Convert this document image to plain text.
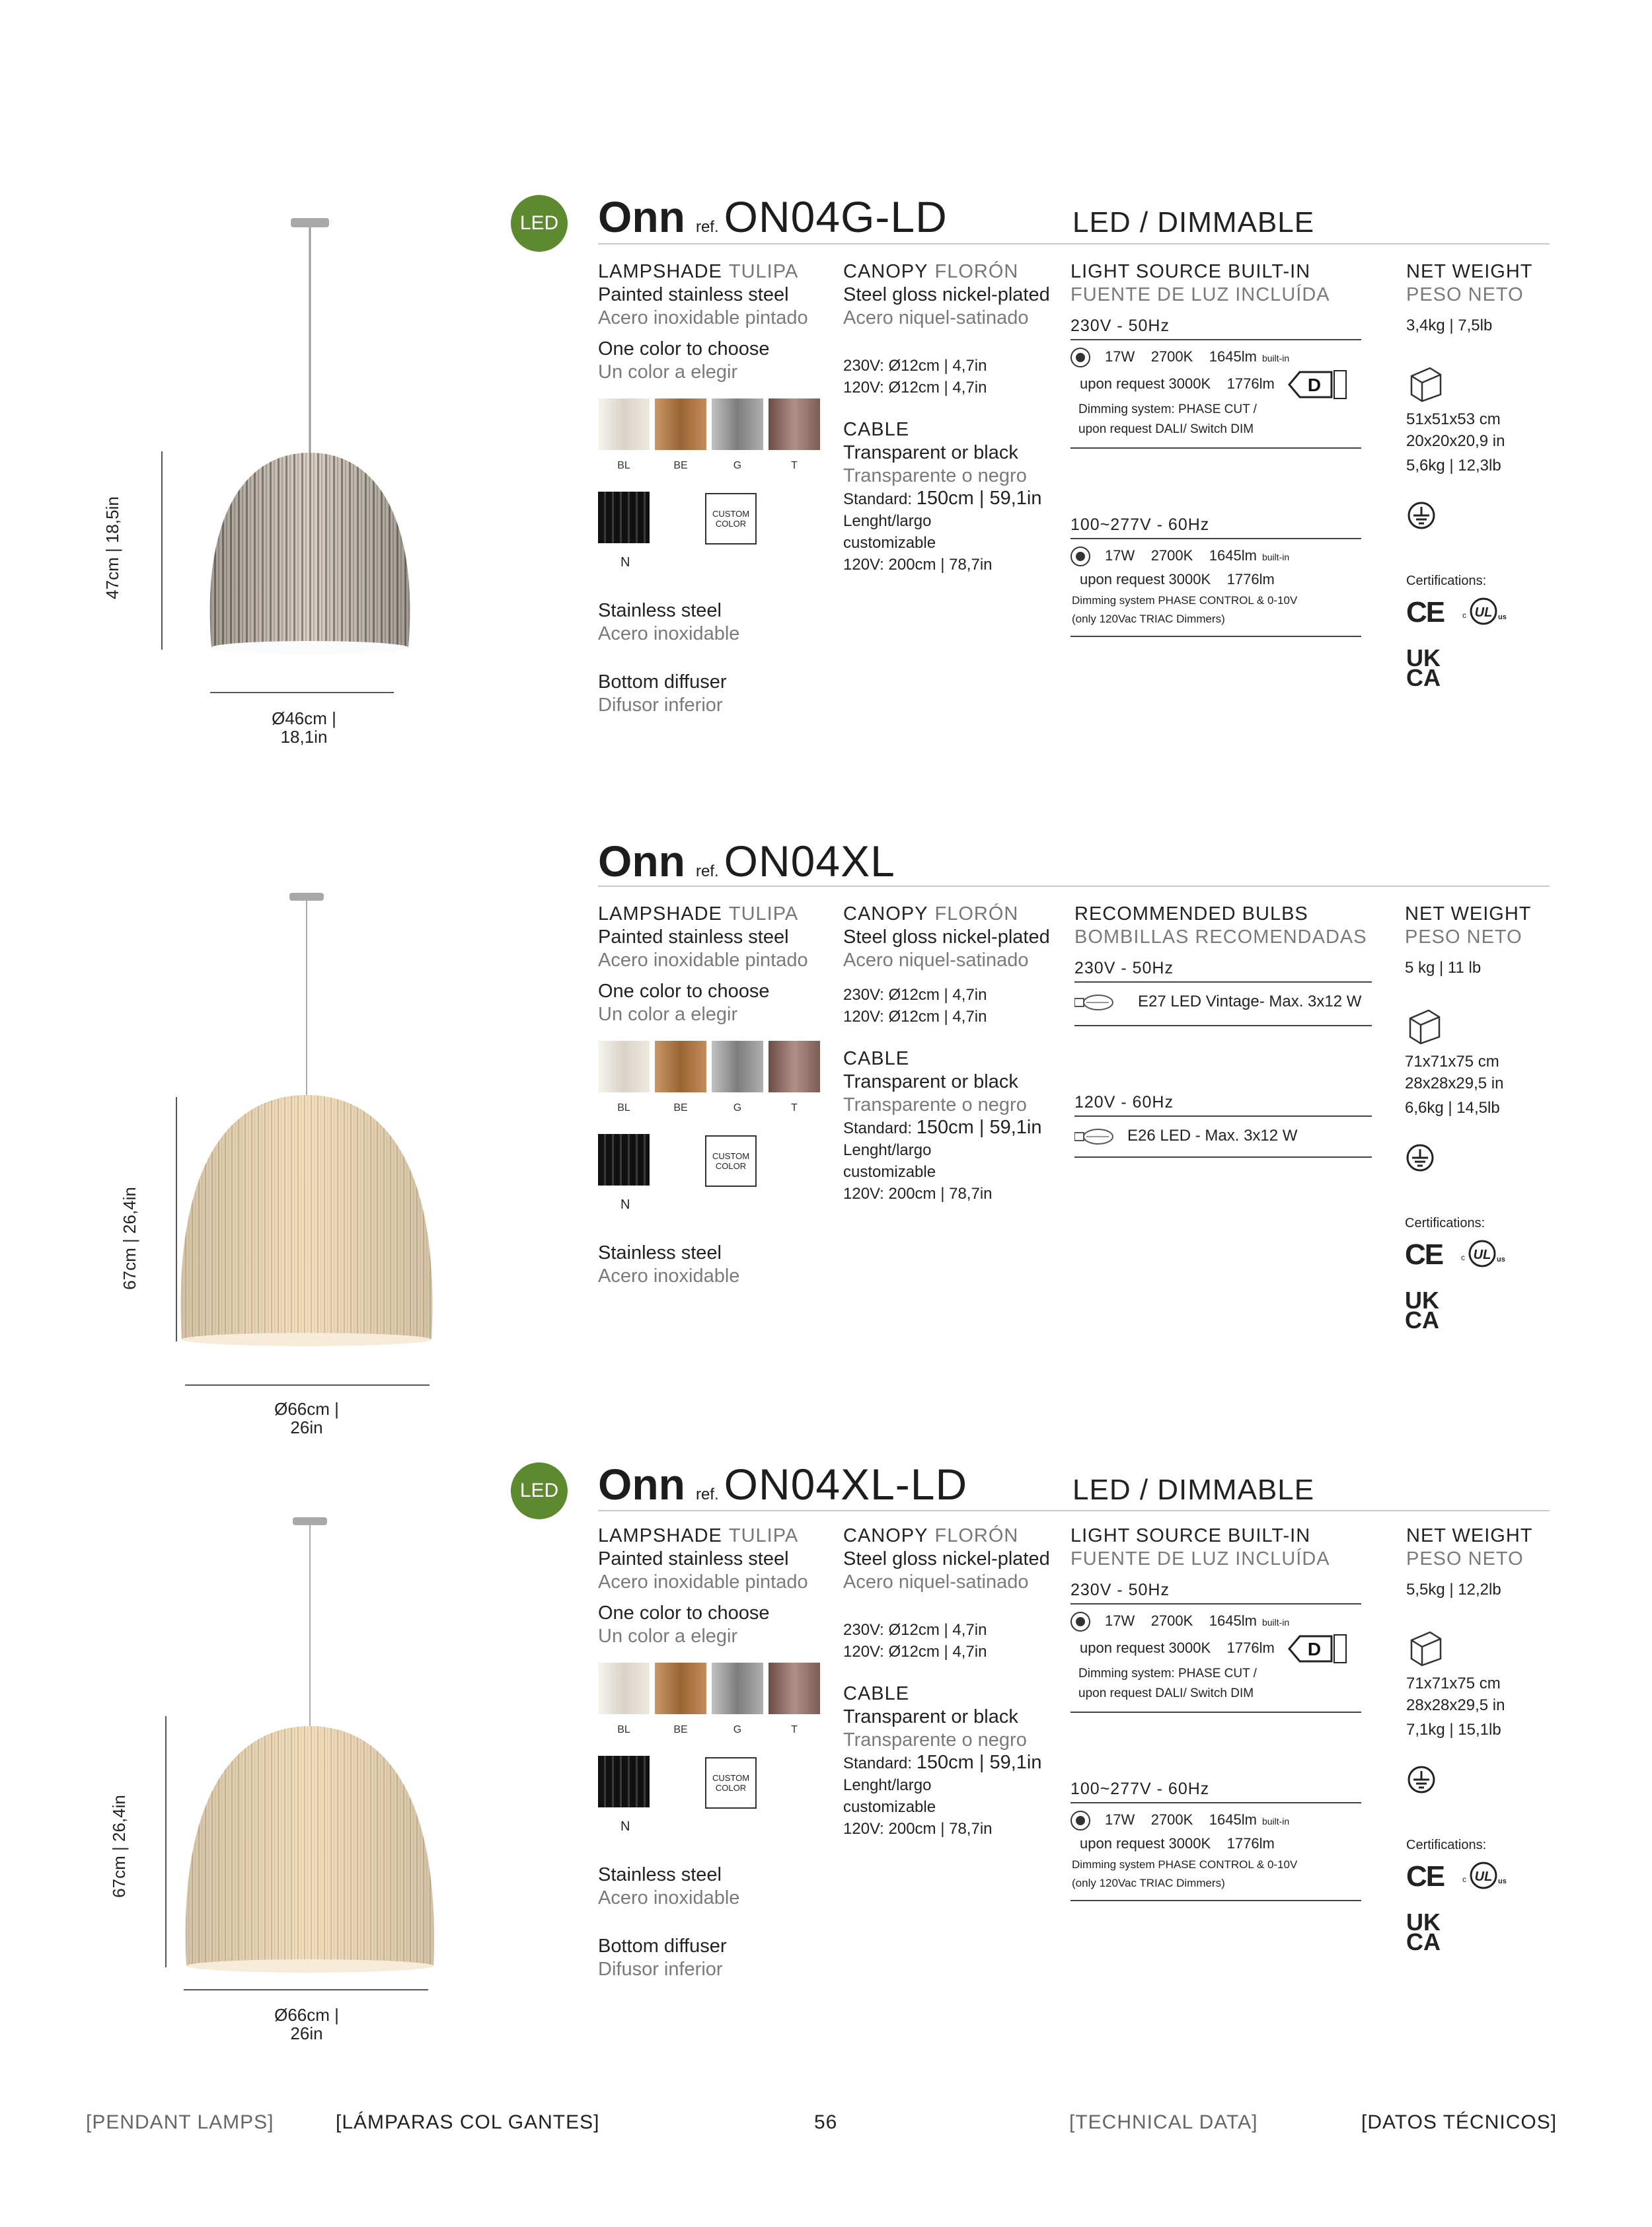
LED Onn ref. ON04G-LD	LED / DIMMABLE
47cm | 18,5in
Ø46cm |
18,1in
LAMPSHADE TULIPA
Painted stainless steel
Acero inoxidable pintado
One color to choose
Un color a elegir
BL	BE	G	T
CUSTOM COLOR
N
Stainless steel
Acero inoxidable
Bottom diffuser
Difusor inferior
CANOPY FLORÓN
Steel gloss nickel-plated
Acero niquel-satinado
230V: Ø12cm | 4,7in
120V: Ø12cm | 4,7in
CABLE
Transparent or black
Transparente o negro
Standard: 150cm | 59,1in
Lenght/largo
customizable
120V: 200cm | 78,7in
LIGHT SOURCE BUILT-IN
FUENTE DE LUZ INCLUÍDA
230V - 50Hz
17W 2700K 1645lm built-in
upon request 3000K 1776lm D
Dimming system: PHASE CUT /
upon request DALI/ Switch DIM
100~277V - 60Hz
17W 2700K 1645lm built-in
upon request 3000K 1776lm
Dimming system PHASE CONTROL & 0-10V
(only 120Vac TRIAC Dimmers)
NET WEIGHT
PESO NETO
3,4kg | 7,5lb
51x51x53 cm
20x20x20,9 in
5,6kg | 12,3lb
Certifications:
CE c UL us
UK
CA
Onn ref. ON04XL
67cm | 26,4in
Ø66cm |
26in
LAMPSHADE TULIPA
Painted stainless steel
Acero inoxidable pintado
One color to choose
Un color a elegir
BL	BE	G	T
CUSTOM COLOR
N
Stainless steel
Acero inoxidable
CANOPY FLORÓN
Steel gloss nickel-plated
Acero niquel-satinado
230V: Ø12cm | 4,7in
120V: Ø12cm | 4,7in
CABLE
Transparent or black
Transparente o negro
Standard: 150cm | 59,1in
Lenght/largo
customizable
120V: 200cm | 78,7in
RECOMMENDED BULBS
BOMBILLAS RECOMENDADAS
230V - 50Hz
E27 LED Vintage- Max. 3x12 W
120V - 60Hz
E26 LED - Max. 3x12 W
NET WEIGHT
PESO NETO
5 kg | 11 lb
71x71x75 cm
28x28x29,5 in
6,6kg | 14,5lb
Certifications:
CE c UL us
UK
CA
LED Onn ref. ON04XL-LD	LED / DIMMABLE
67cm | 26,4in
Ø66cm |
26in
LAMPSHADE TULIPA
Painted stainless steel
Acero inoxidable pintado
One color to choose
Un color a elegir
BL	BE	G	T
CUSTOM COLOR
N
Stainless steel
Acero inoxidable
Bottom diffuser
Difusor inferior
CANOPY FLORÓN
Steel gloss nickel-plated
Acero niquel-satinado
230V: Ø12cm | 4,7in
120V: Ø12cm | 4,7in
CABLE
Transparent or black
Transparente o negro
Standard: 150cm | 59,1in
Lenght/largo
customizable
120V: 200cm | 78,7in
LIGHT SOURCE BUILT-IN
FUENTE DE LUZ INCLUÍDA
230V - 50Hz
17W 2700K 1645lm built-in
upon request 3000K 1776lm D
Dimming system: PHASE CUT /
upon request DALI/ Switch DIM
100~277V - 60Hz
17W 2700K 1645lm built-in
upon request 3000K 1776lm
Dimming system PHASE CONTROL & 0-10V
(only 120Vac TRIAC Dimmers)
NET WEIGHT
PESO NETO
5,5kg | 12,2lb
71x71x75 cm
28x28x29,5 in
7,1kg | 15,1lb
Certifications:
CE c UL us
UK
CA
[PENDANT LAMPS]	[LÁMPARAS COL GANTES]	56	[TECHNICAL DATA]	[DATOS TÉCNICOS]
